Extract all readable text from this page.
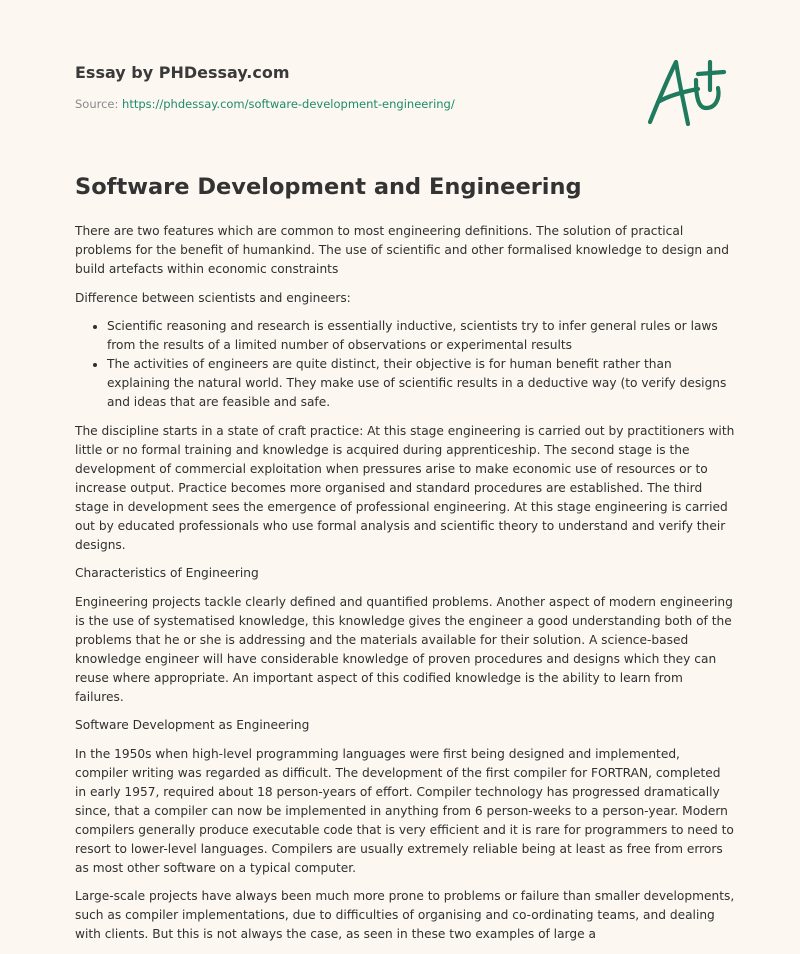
Essay by PHDessay.com
Source: https://phdessay.com/software-development-engineering/
Software Development and Engineering

There are two features which are common to most engineering definitions. The solution of practical problems for the benefit of humankind. The use of scientific and other formalised knowledge to design and build artefacts within economic constraints

Difference between scientists and engineers:

• Scientific reasoning and research is essentially inductive, scientists try to infer general rules or laws from the results of a limited number of observations or experimental results
• The activities of engineers are quite distinct, their objective is for human benefit rather than explaining the natural world. They make use of scientific results in a deductive way (to verify designs and ideas that are feasible and safe.

The discipline starts in a state of craft practice: At this stage engineering is carried out by practitioners with little or no formal training and knowledge is acquired during apprenticeship. The second stage is the development of commercial exploitation when pressures arise to make economic use of resources or to increase output. Practice becomes more organised and standard procedures are established. The third stage in development sees the emergence of professional engineering. At this stage engineering is carried out by educated professionals who use formal analysis and scientific theory to understand and verify their designs.

Characteristics of Engineering

Engineering projects tackle clearly defined and quantified problems. Another aspect of modern engineering is the use of systematised knowledge, this knowledge gives the engineer a good understanding both of the problems that he or she is addressing and the materials available for their solution. A science-based knowledge engineer will have considerable knowledge of proven procedures and designs which they can reuse where appropriate. An important aspect of this codified knowledge is the ability to learn from failures.

Software Development as Engineering

In the 1950s when high-level programming languages were first being designed and implemented, compiler writing was regarded as difficult. The development of the first compiler for FORTRAN, completed in early 1957, required about 18 person-years of effort. Compiler technology has progressed dramatically since, that a compiler can now be implemented in anything from 6 person-weeks to a person-year. Modern compilers generally produce executable code that is very efficient and it is rare for programmers to need to resort to lower-level languages. Compilers are usually extremely reliable being at least as free from errors as most other software on a typical computer.

Large-scale projects have always been much more prone to problems or failure than smaller developments, such as compiler implementations, due to difficulties of organising and co-ordinating teams, and dealing with clients. But this is not always the case, as seen in these two examples of large a
